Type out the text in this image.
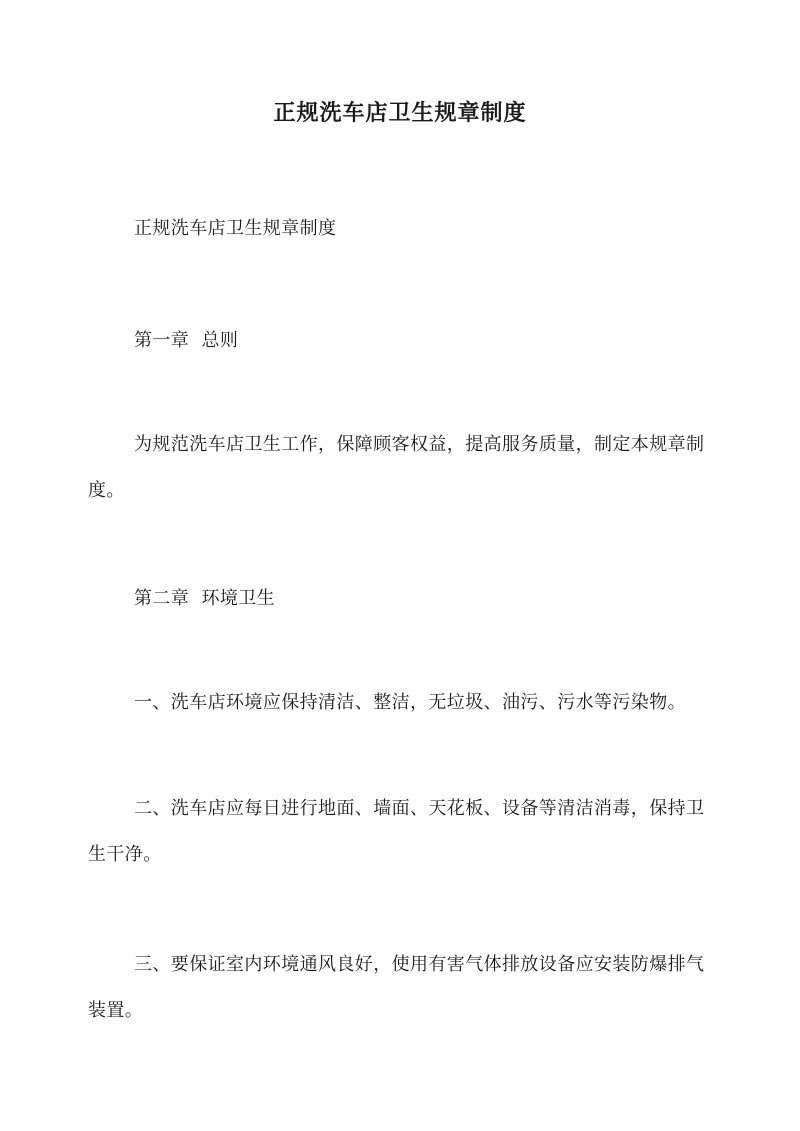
正规洗车店卫生规章制度

正规洗车店卫生规章制度

第一章  总则

为规范洗车店卫生工作，保障顾客权益，提高服务质量，制定本规章制度。

第二章  环境卫生

一、洗车店环境应保持清洁、整洁，无垃圾、油污、污水等污染物。

二、洗车店应每日进行地面、墙面、天花板、设备等清洁消毒，保持卫生干净。

三、要保证室内环境通风良好，使用有害气体排放设备应安装防爆排气装置。
